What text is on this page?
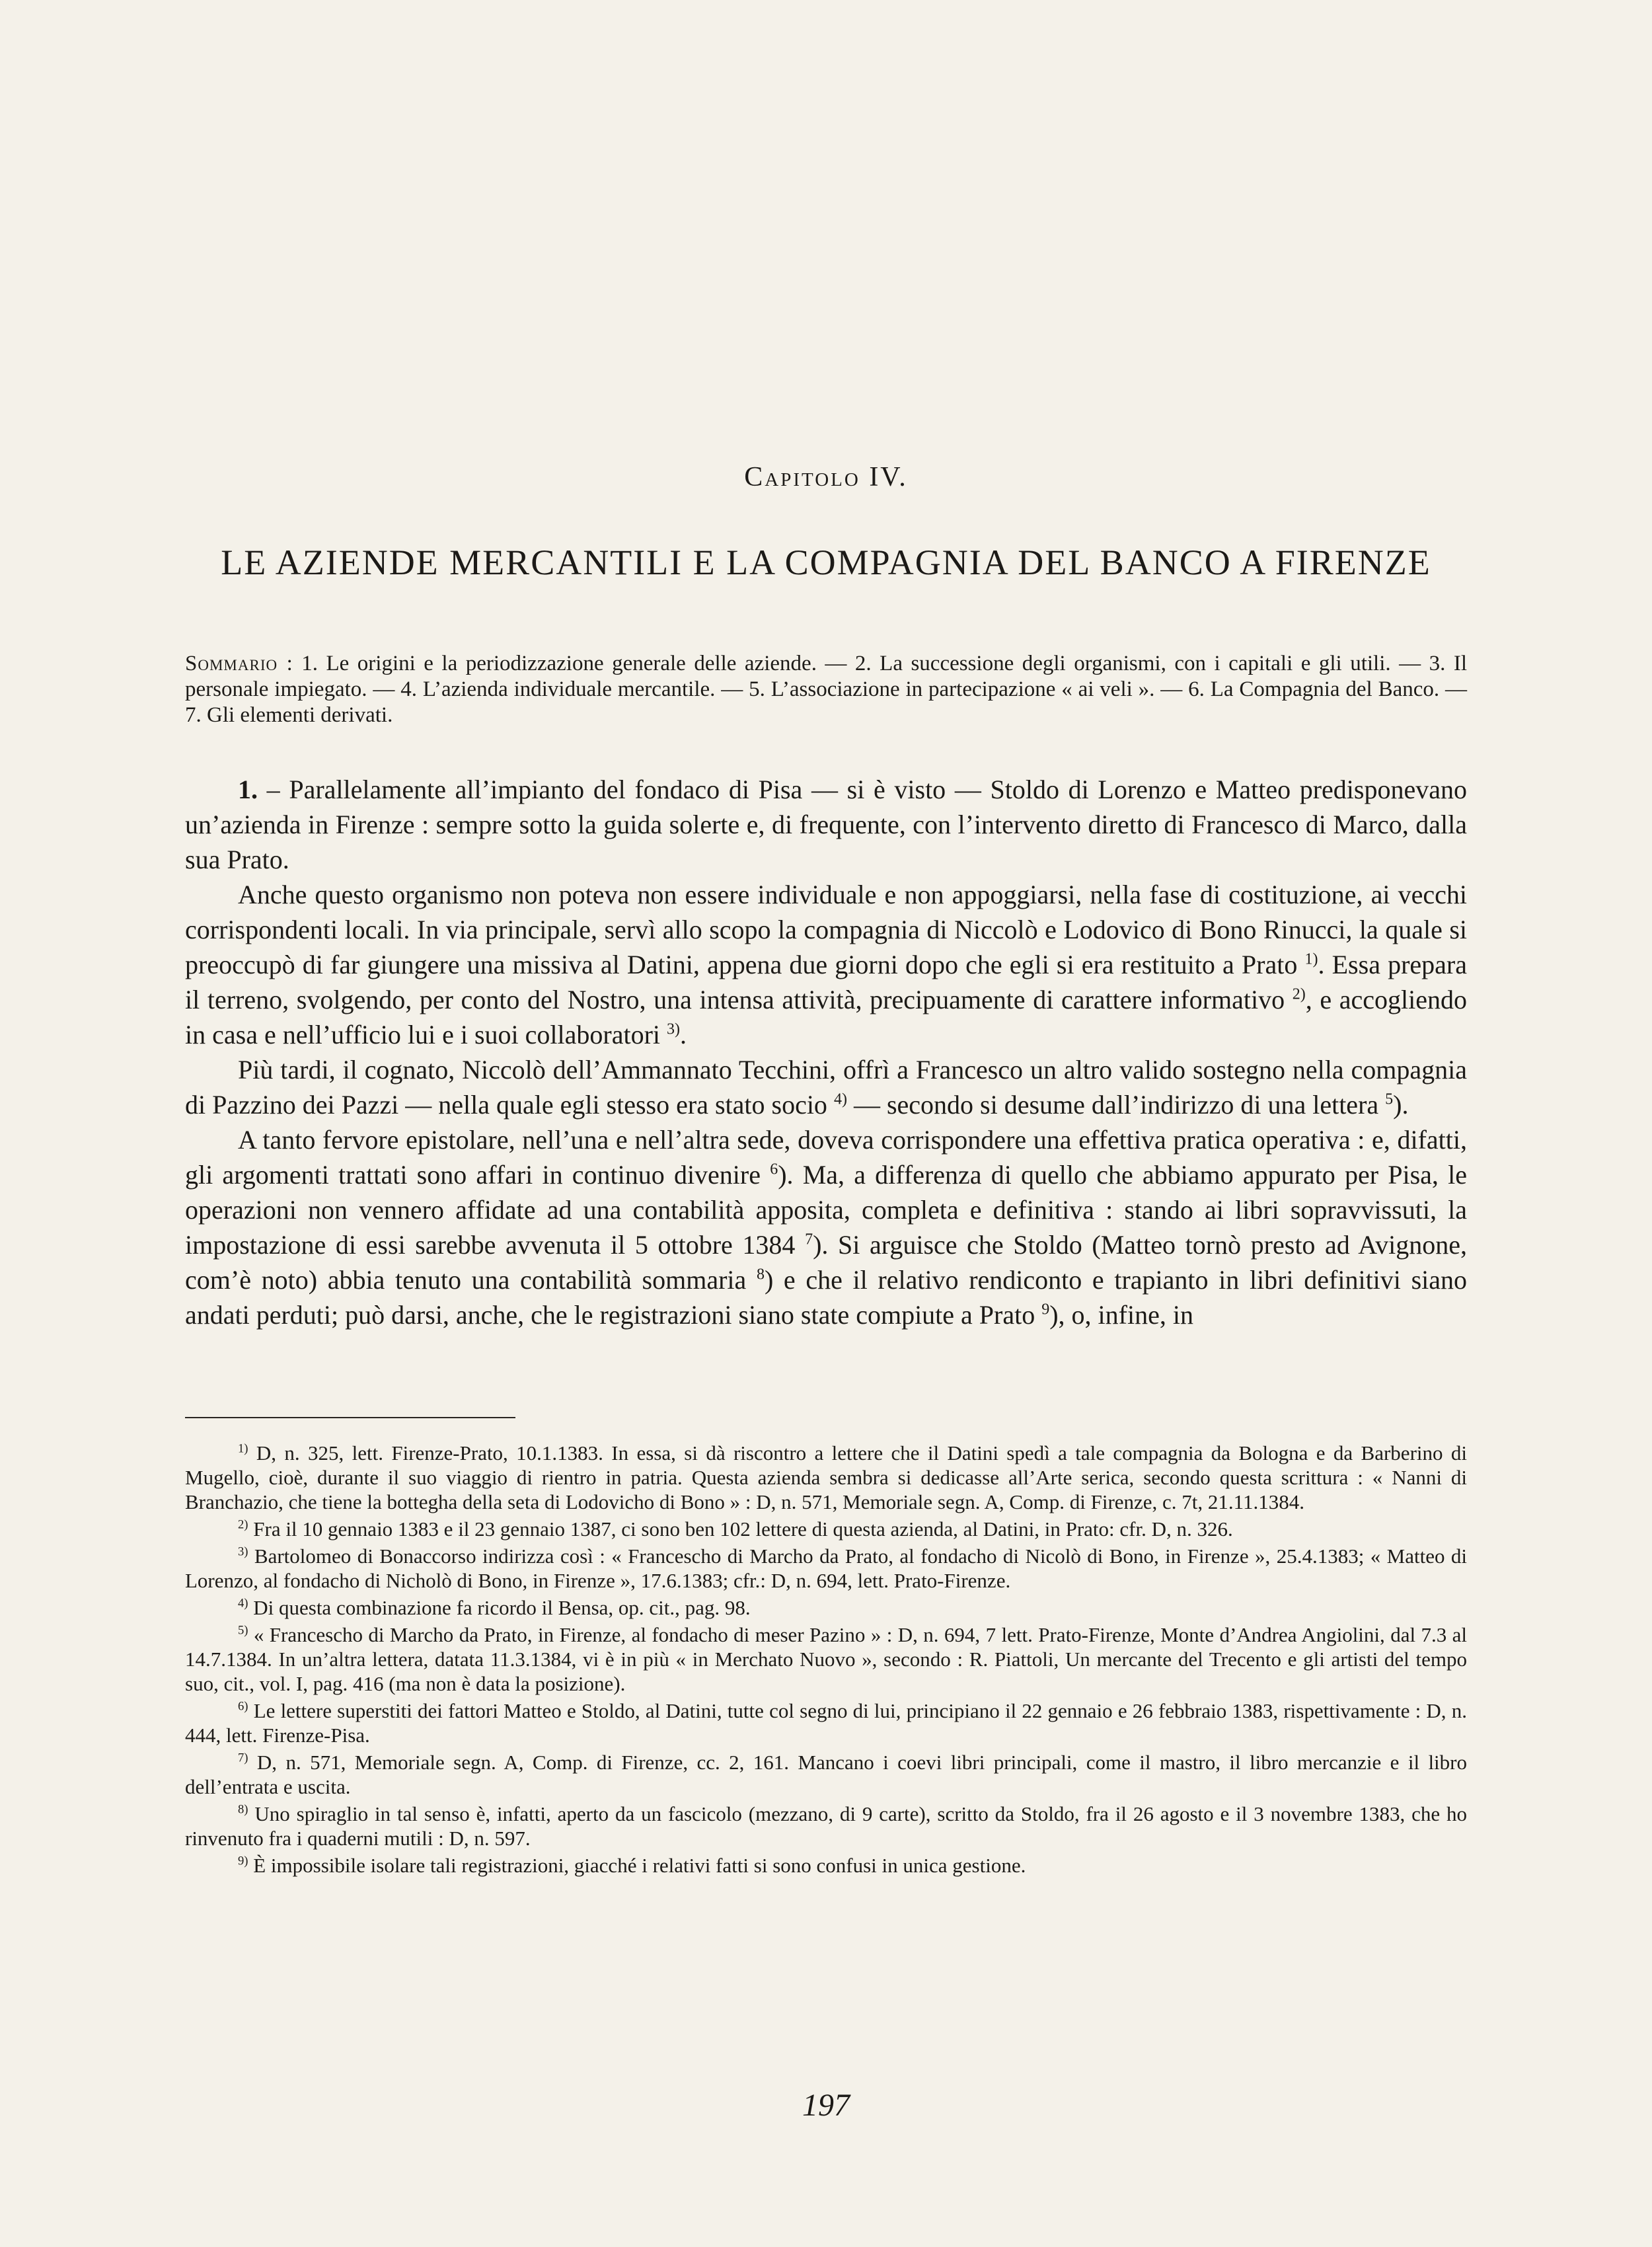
Capitolo IV.
LE AZIENDE MERCANTILI E LA COMPAGNIA DEL BANCO A FIRENZE
Sommario : 1. Le origini e la periodizzazione generale delle aziende. — 2. La successione degli organismi, con i capitali e gli utili. — 3. Il personale impiegato. — 4. L’azienda individuale mercantile. — 5. L’associazione in partecipazione « ai veli ». — 6. La Compagnia del Banco. — 7. Gli elementi derivati.

1. – Parallelamente all’impianto del fondaco di Pisa — si è visto — Stoldo di Lorenzo e Matteo predisponevano un’azienda in Firenze : sempre sotto la guida solerte e, di frequente, con l’intervento diretto di Francesco di Marco, dalla sua Prato.

Anche questo organismo non poteva non essere individuale e non appoggiarsi, nella fase di costituzione, ai vecchi corrispondenti locali. In via principale, servì allo scopo la compagnia di Niccolò e Lodovico di Bono Rinucci, la quale si preoccupò di far giungere una missiva al Datini, appena due giorni dopo che egli si era restituito a Prato $^{1)}$. Essa prepara il terreno, svolgendo, per conto del Nostro, una intensa attività, precipuamente di carattere informativo $^{2)}$, e accogliendo in casa e nell’ufficio lui e i suoi collaboratori $^{3)}$.

Più tardi, il cognato, Niccolò dell’Ammannato Tecchini, offrì a Francesco un altro valido sostegno nella compagnia di Pazzino dei Pazzi — nella quale egli stesso era stato socio $^{4)}$ — secondo si desume dall’indirizzo di una lettera $^5$).

A tanto fervore epistolare, nell’una e nell’altra sede, doveva corrispondere una effettiva pratica operativa : e, difatti, gli argomenti trattati sono affari in continuo divenire $^6$). Ma, a differenza di quello che abbiamo appurato per Pisa, le operazioni non vennero affidate ad una contabilità apposita, completa e definitiva : stando ai libri sopravvissuti, la impostazione di essi sarebbe avvenuta il 5 ottobre 1384 $^7$). Si arguisce che Stoldo (Matteo tornò presto ad Avignone, com’è noto) abbia tenuto una contabilità sommaria $^8$) e che il relativo rendiconto e trapianto in libri definitivi siano andati perduti; può darsi, anche, che le registrazioni siano state compiute a Prato $^9$), o, infine, in

$^{1)}$ D, n. 325, lett. Firenze-Prato, 10.1.1383. In essa, si dà riscontro a lettere che il Datini spedì a tale compagnia da Bologna e da Barberino di Mugello, cioè, durante il suo viaggio di rientro in patria. Questa azienda sembra si dedicasse all’Arte serica, secondo questa scrittura : « Nanni di Branchazio, che tiene la bottegha della seta di Lodovicho di Bono » : D, n. 571, Memoriale segn. A, Comp. di Firenze, c. 7t, 21.11.1384.

$^{2)}$ Fra il 10 gennaio 1383 e il 23 gennaio 1387, ci sono ben 102 lettere di questa azienda, al Datini, in Prato: cfr. D, n. 326.

$^{3)}$ Bartolomeo di Bonaccorso indirizza così : « Francescho di Marcho da Prato, al fondacho di Nicolò di Bono, in Firenze », 25.4.1383; « Matteo di Lorenzo, al fondacho di Nicholò di Bono, in Firenze », 17.6.1383; cfr.: D, n. 694, lett. Prato-Firenze.

$^{4)}$ Di questa combinazione fa ricordo il Bensa, op. cit., pag. 98.

$^{5)}$ « Francescho di Marcho da Prato, in Firenze, al fondacho di meser Pazino » : D, n. 694, 7 lett. Prato-Firenze, Monte d’Andrea Angiolini, dal 7.3 al 14.7.1384. In un’altra lettera, datata 11.3.1384, vi è in più « in Merchato Nuovo », secondo : R. Piattoli, Un mercante del Trecento e gli artisti del tempo suo, cit., vol. I, pag. 416 (ma non è data la posizione).

$^{6)}$ Le lettere superstiti dei fattori Matteo e Stoldo, al Datini, tutte col segno di lui, principiano il 22 gennaio e 26 febbraio 1383, rispettivamente : D, n. 444, lett. Firenze-Pisa.

$^{7)}$ D, n. 571, Memoriale segn. A, Comp. di Firenze, cc. 2, 161. Mancano i coevi libri principali, come il mastro, il libro mercanzie e il libro dell’entrata e uscita.

$^{8)}$ Uno spiraglio in tal senso è, infatti, aperto da un fascicolo (mezzano, di 9 carte), scritto da Stoldo, fra il 26 agosto e il 3 novembre 1383, che ho rinvenuto fra i quaderni mutili : D, n. 597.

$^{9)}$ È impossibile isolare tali registrazioni, giacché i relativi fatti si sono confusi in unica gestione.

197
